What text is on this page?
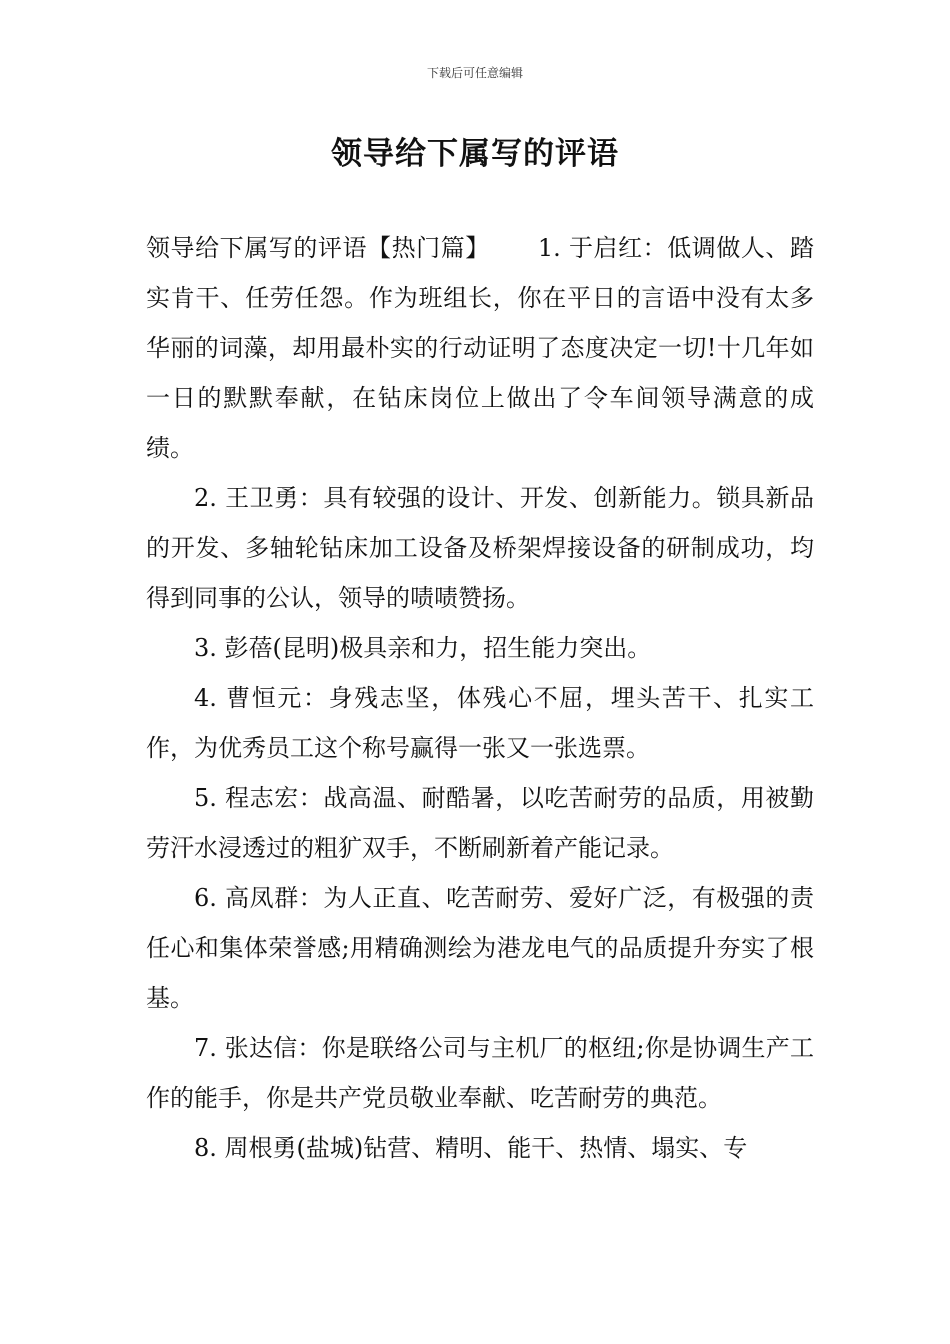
下载后可任意编辑
领导给下属写的评语

领导给下属写的评语【热门篇】 1. 于启红：低调做人、踏实肯干、任劳任怨。作为班组长，你在平日的言语中没有太多华丽的词藻，却用最朴实的行动证明了态度决定一切!十几年如一日的默默奉献，在钻床岗位上做出了令车间领导满意的成绩。

2. 王卫勇：具有较强的设计、开发、创新能力。锁具新品的开发、多轴轮钻床加工设备及桥架焊接设备的研制成功，均得到同事的公认，领导的啧啧赞扬。

3. 彭蓓(昆明)极具亲和力，招生能力突出。

4. 曹恒元：身残志坚，体残心不屈，埋头苦干、扎实工作，为优秀员工这个称号赢得一张又一张选票。

5. 程志宏：战高温、耐酷暑，以吃苦耐劳的品质，用被勤劳汗水浸透过的粗犷双手，不断刷新着产能记录。

6. 高凤群：为人正直、吃苦耐劳、爱好广泛，有极强的责任心和集体荣誉感;用精确测绘为港龙电气的品质提升夯实了根基。

7. 张达信：你是联络公司与主机厂的枢纽;你是协调生产工作的能手，你是共产党员敬业奉献、吃苦耐劳的典范。

8. 周根勇(盐城)钻营、精明、能干、热情、塌实、专
